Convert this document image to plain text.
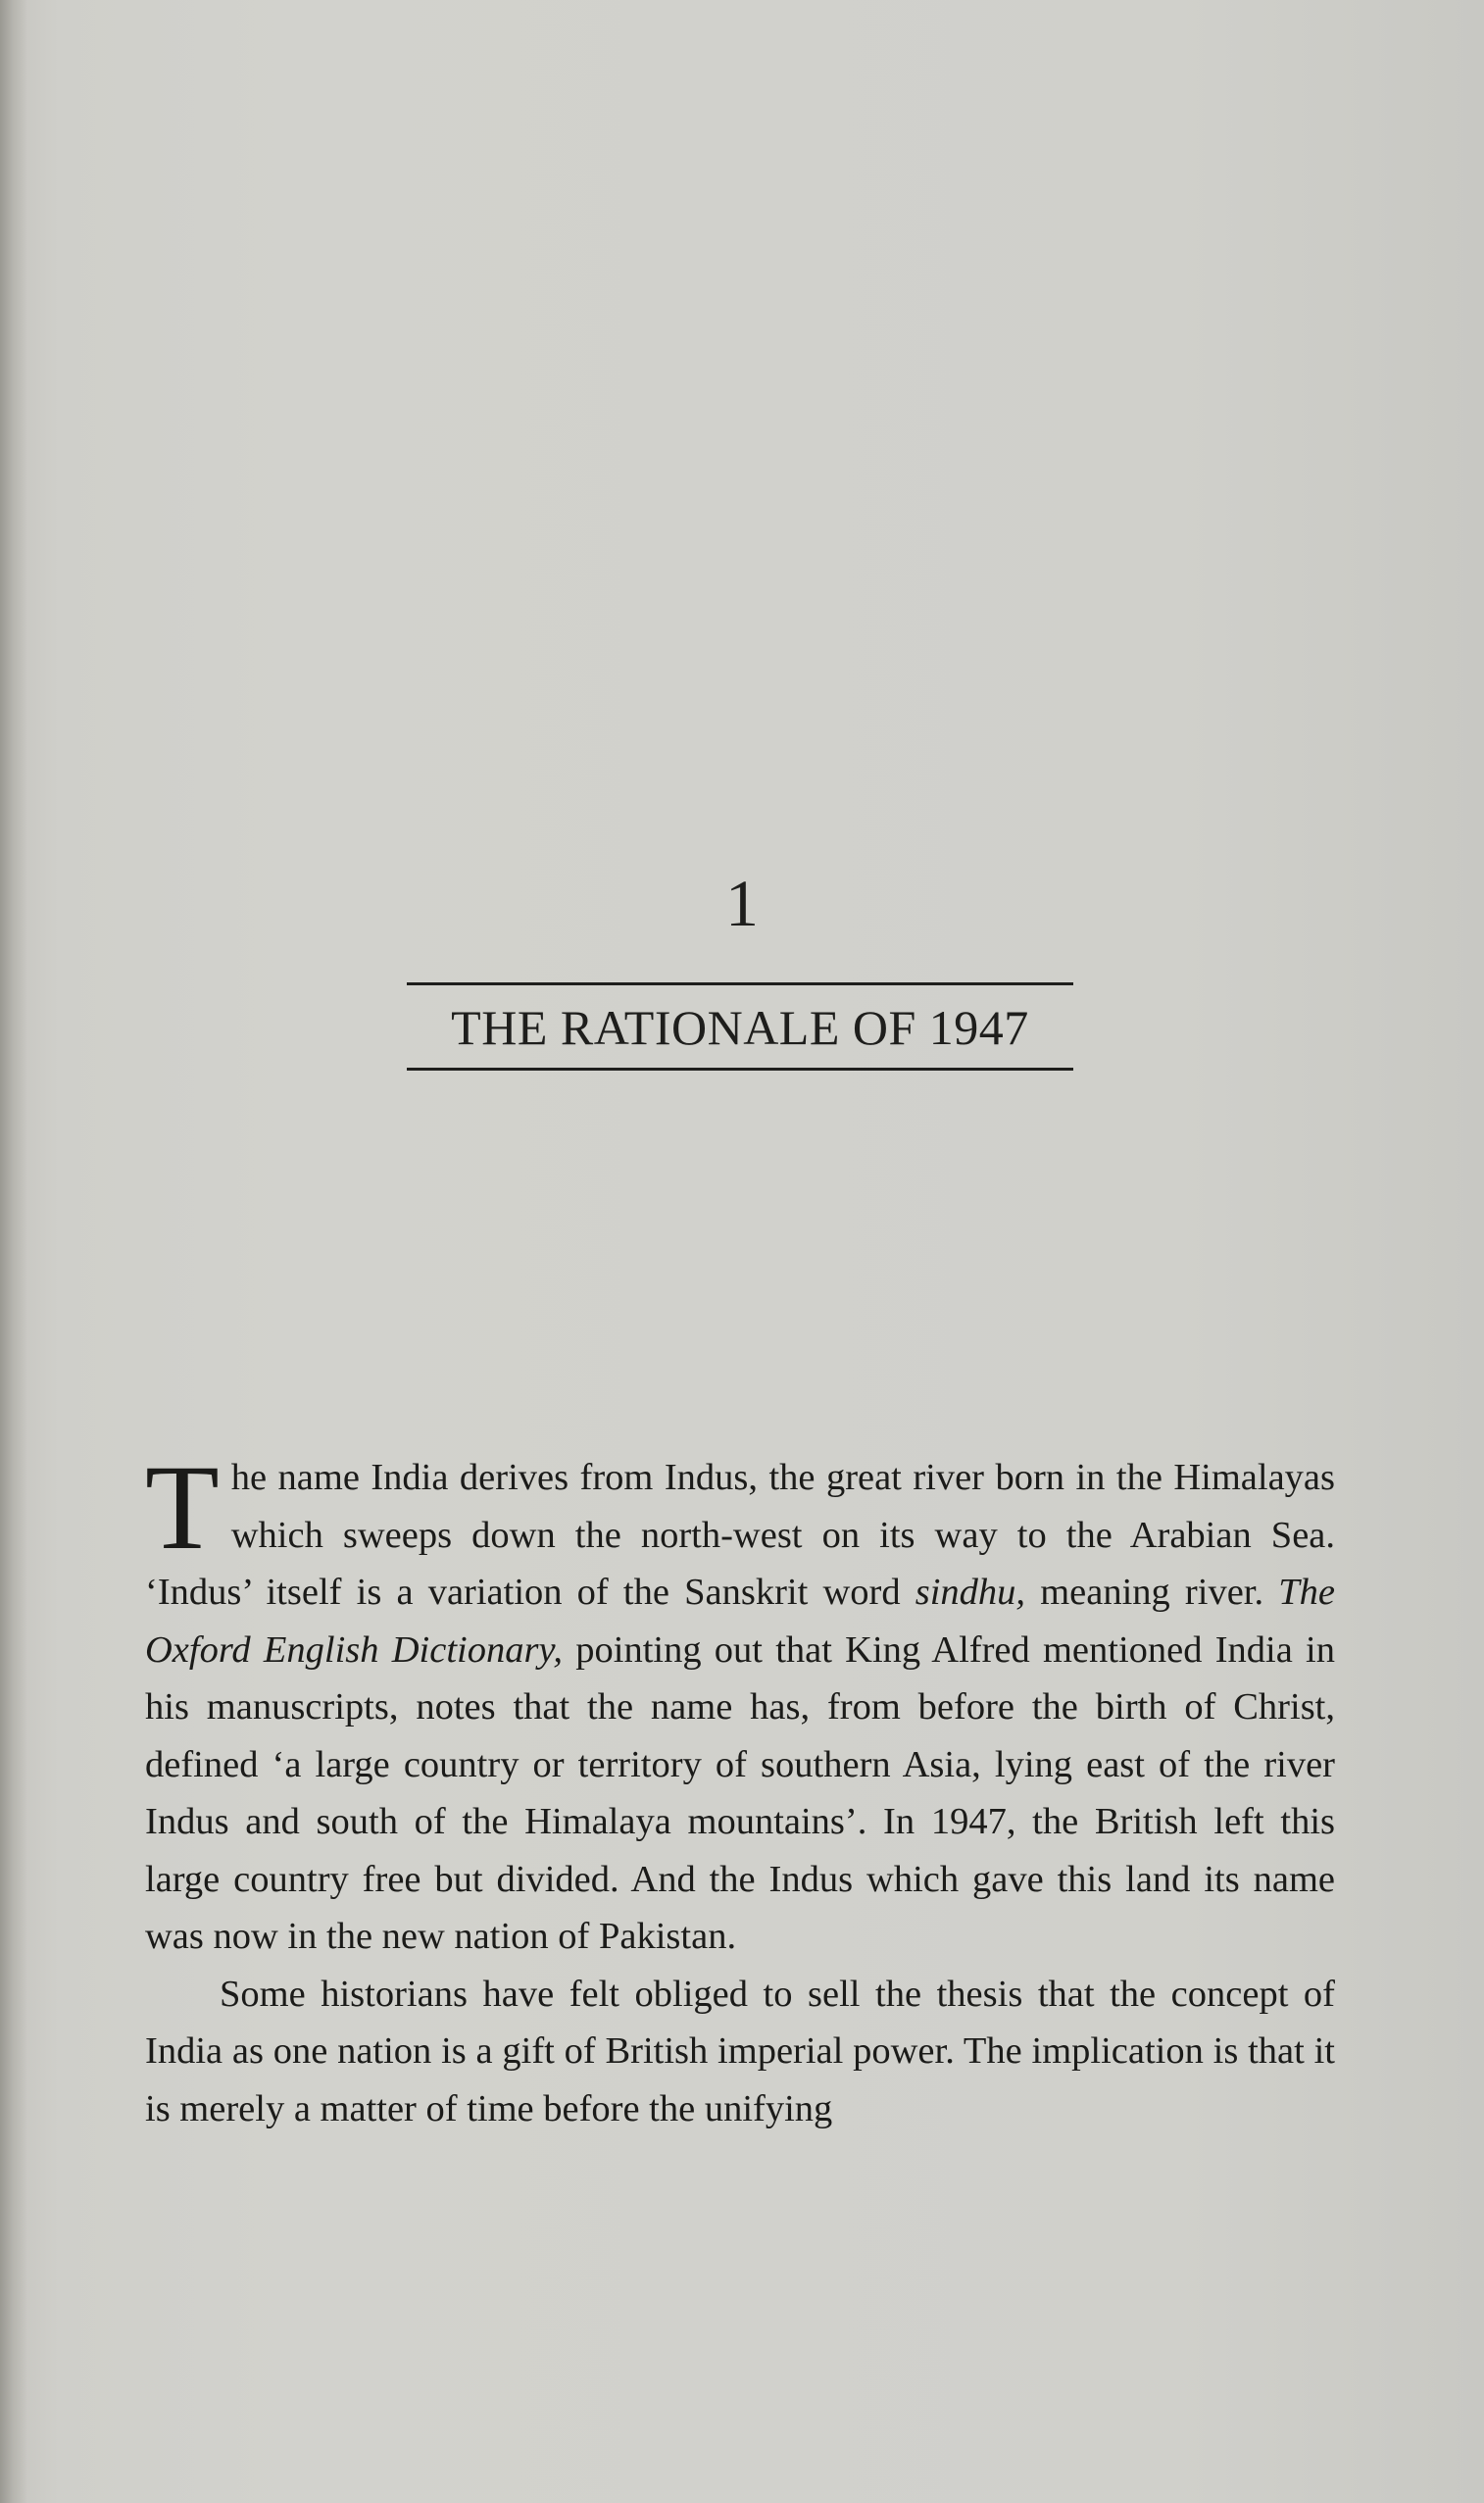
1
THE RATIONALE OF 1947

The name India derives from Indus, the great river born in the Himalayas which sweeps down the north-west on its way to the Arabian Sea. ‘Indus’ itself is a variation of the Sanskrit word sindhu, meaning river. The Oxford English Dictionary, pointing out that King Alfred mentioned India in his manuscripts, notes that the name has, from before the birth of Christ, defined ‘a large country or territory of southern Asia, lying east of the river Indus and south of the Himalaya mountains’. In 1947, the British left this large country free but divided. And the Indus which gave this land its name was now in the new nation of Pakistan.

Some historians have felt obliged to sell the thesis that the concept of India as one nation is a gift of British imperial power. The implication is that it is merely a matter of time before the unifying
